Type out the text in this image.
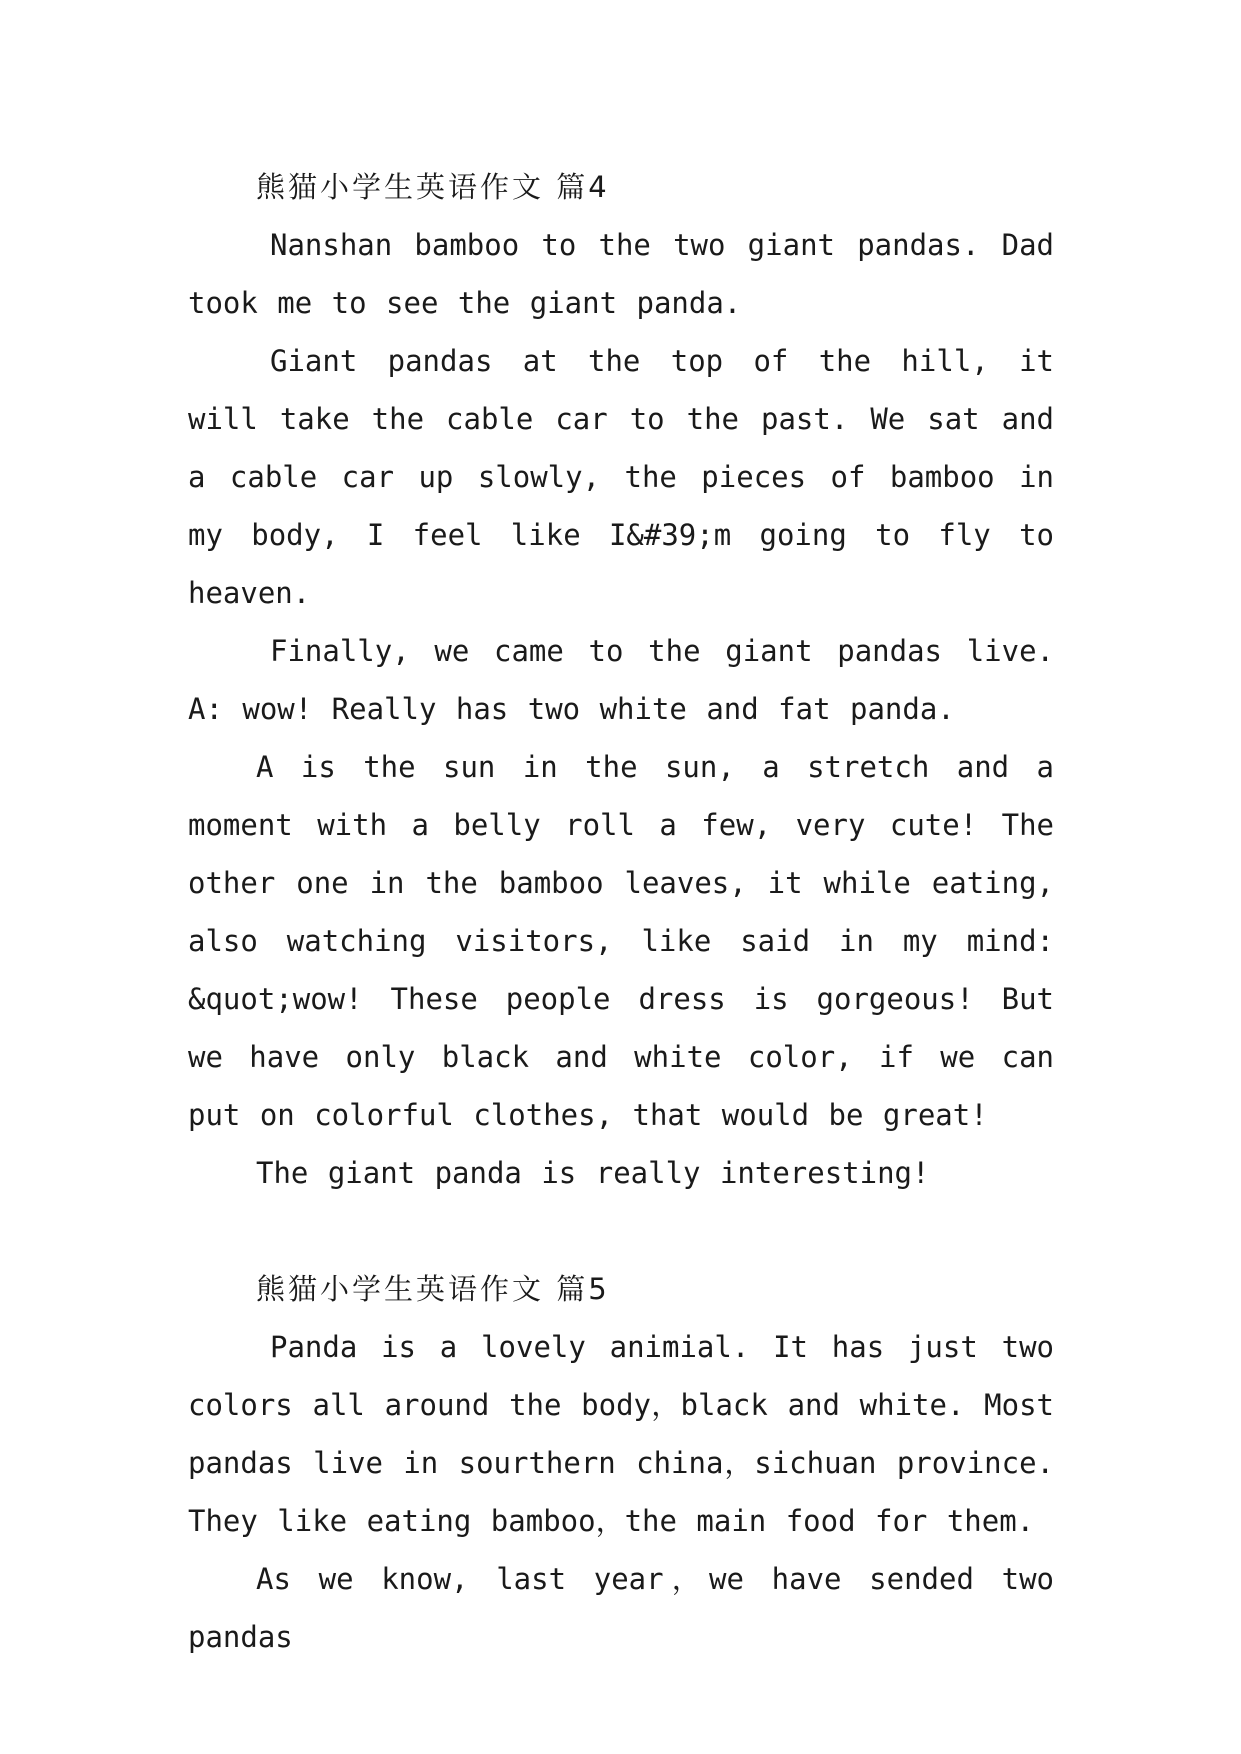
熊猫小学生英语作文 篇4

Nanshan bamboo to the two giant pandas. Dad took me to see the giant panda.

Giant pandas at the top of the hill, it will take the cable car to the past. We sat and a cable car up slowly, the pieces of bamboo in my body, I feel like I&#39;m going to fly to heaven.

Finally, we came to the giant pandas live. A: wow! Really has two white and fat panda.

A is the sun in the sun, a stretch and a moment with a belly roll a few, very cute! The other one in the bamboo leaves, it while eating, also watching visitors, like said in my mind: &quot;wow! These people dress is gorgeous! But we have only black and white color, if we can put on colorful clothes, that would be great!

The giant panda is really interesting!

熊猫小学生英语作文 篇5

Panda is a lovely animial. It has just two colors all around the body，black and white. Most pandas live in sourthern china，sichuan province. They like eating bamboo，the main food for them.

As we know, last year，we have sended two pandas
